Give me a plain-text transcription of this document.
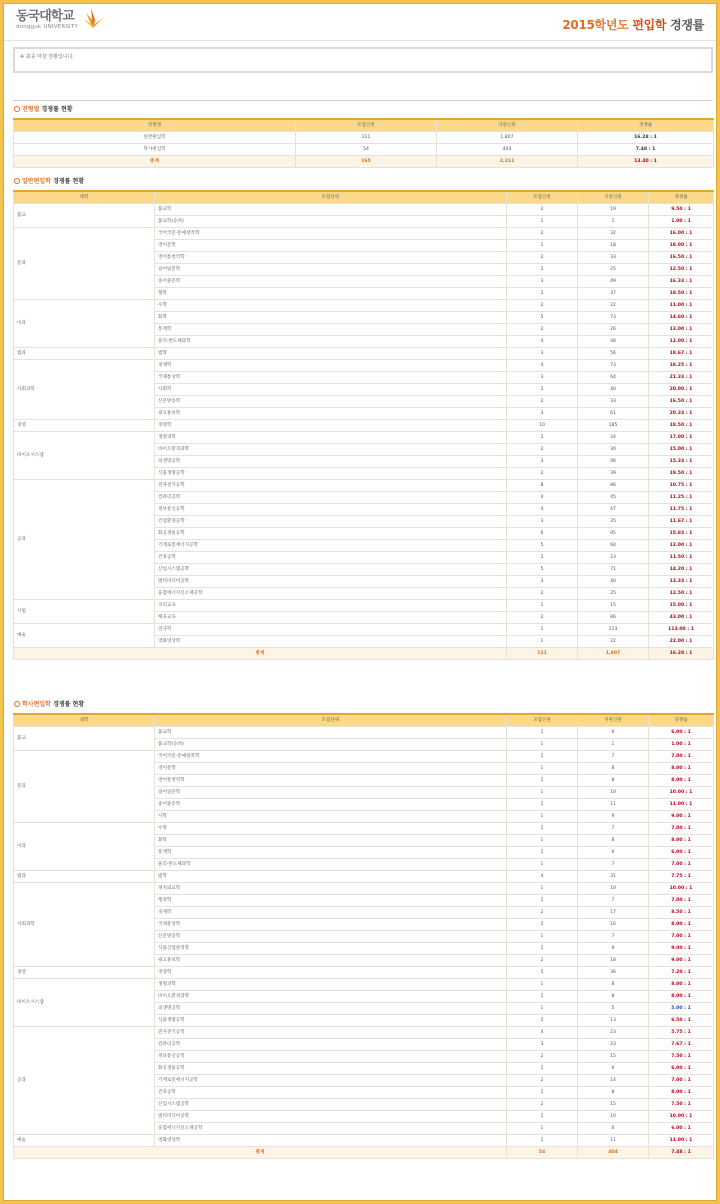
동국대학교
dongguk UNIVERSITY	2015학년도 편입학 경쟁률
※ 최종 마감 현황입니다.
전형별 경쟁률 현황
전형명	모집인원	지원인원	경쟁률
일반편입학	111	1,807	16.28 : 1
학사편입학	54	404	7.48 : 1
총계	165	2,211	13.40 : 1
일반편입학 경쟁률 현황
대학	모집단위	모집인원	지원인원	경쟁률
불교	불교학	2	19	9.50 : 1
	불교학(승려)	1	1	1.00 : 1
문과	국어국문·문예창작학	2	32	16.00 : 1
	영어문학	1	18	18.00 : 1
	영어통번역학	2	33	16.50 : 1
	일어일문학	2	25	12.50 : 1
	중어중문학	3	49	16.33 : 1
	철학	2	37	18.50 : 1
이과	수학	2	22	11.00 : 1
	화학	5	73	14.60 : 1
	통계학	2	26	13.00 : 1
	물리·반도체과학	4	48	12.00 : 1
법과	법학	3	56	18.67 : 1
사회과학	경제학	4	73	18.25 : 1
	국제통상학	3	64	21.33 : 1
	사회학	2	40	20.00 : 1
	신문방송학	2	33	16.50 : 1
	광고홍보학	3	61	20.33 : 1
경영	경영학	10	185	18.50 : 1
바이오시스템	생명과학	2	34	17.00 : 1
	바이오환경과학	2	30	15.00 : 1
	의생명공학	3	46	15.33 : 1
	식품생명공학	2	39	19.50 : 1
공과	전자전기공학	8	86	10.75 : 1
	컴퓨터공학	4	45	11.25 : 1
	정보통신공학	4	47	11.75 : 1
	건설환경공학	3	35	11.67 : 1
	화공생물공학	6	95	15.83 : 1
	기계로봇에너지공학	5	60	12.00 : 1
	건축공학	2	23	11.50 : 1
	산업시스템공학	5	71	14.20 : 1
	멀티미디어공학	3	40	13.33 : 1
	융합에너지신소재공학	2	25	12.50 : 1
사범	지리교육	1	15	15.00 : 1
	체육교육	2	86	43.00 : 1
예술	연극학	1	113	113.00 : 1
	영화영상학	1	22	22.00 : 1
총계		111	1,807	16.28 : 1
학사편입학 경쟁률 현황
대학	모집단위	모집인원	지원인원	경쟁률
불교	불교학	1	6	6.00 : 1
	불교학(승려)	1	1	1.00 : 1
문과	국어국문·문예창작학	1	7	7.00 : 1
	영어문학	1	8	8.00 : 1
	영어통번역학	1	8	8.00 : 1
	일어일문학	1	10	10.00 : 1
	중어중문학	1	11	11.00 : 1
	사학	1	9	9.00 : 1
이과	수학	1	7	7.00 : 1
	화학	1	8	8.00 : 1
	통계학	1	6	6.00 : 1
	물리·반도체과학	1	7	7.00 : 1
법과	법학	4	31	7.75 : 1
사회과학	정치외교학	1	10	10.00 : 1
	행정학	1	7	7.00 : 1
	경제학	2	17	8.50 : 1
	국제통상학	2	16	8.00 : 1
	신문방송학	1	7	7.00 : 1
	식품산업관리학	1	9	9.00 : 1
	광고홍보학	2	18	9.00 : 1
경영	경영학	5	36	7.20 : 1
바이오시스템	생명과학	1	8	8.00 : 1
	바이오환경과학	1	8	8.00 : 1
	의생명공학	1	5	5.00 : 1
	식품생명공학	2	13	6.50 : 1
공과	전자전기공학	4	23	5.75 : 1
	컴퓨터공학	3	23	7.67 : 1
	정보통신공학	2	15	7.50 : 1
	화공생물공학	1	6	6.00 : 1
	기계로봇에너지공학	2	14	7.00 : 1
	건축공학	1	8	8.00 : 1
	산업시스템공학	2	15	7.50 : 1
	멀티미디어공학	1	10	10.00 : 1
	융합에너지신소재공학	1	6	6.00 : 1
예술	영화영상학	1	11	11.00 : 1
총계		54	404	7.48 : 1
